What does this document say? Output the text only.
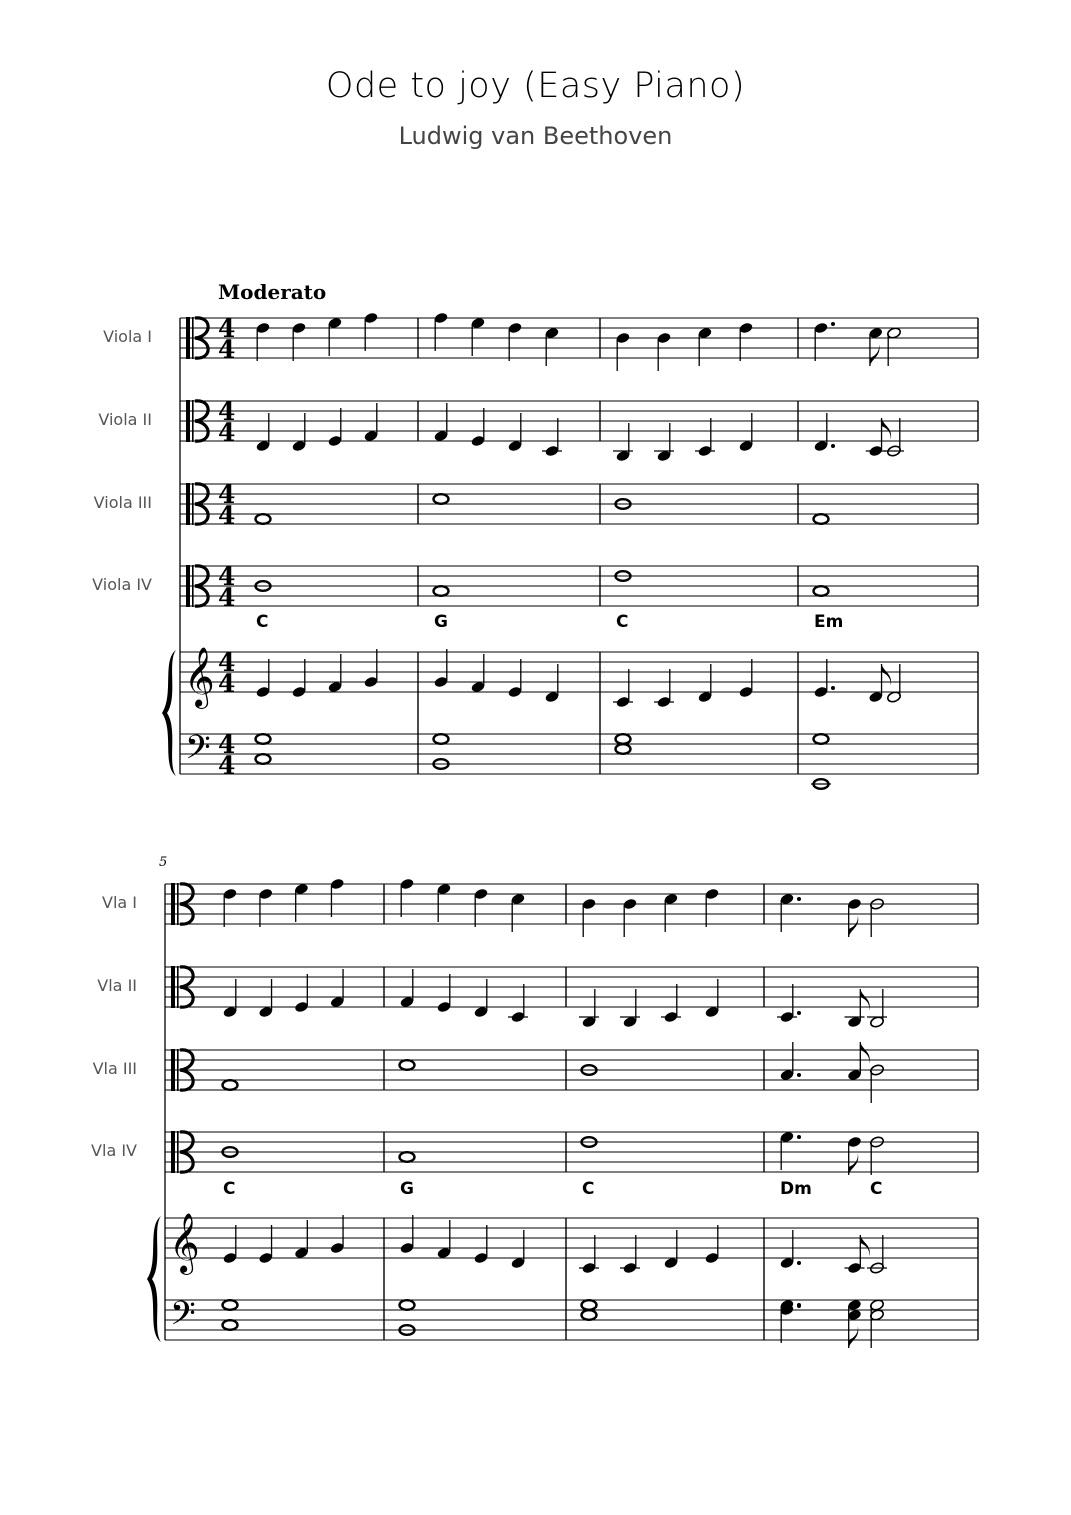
Ode to joy (Easy Piano)
Ludwig van Beethoven
Moderato
4
4
Viola I
4
4
Viola II
4
4
Viola III
4
4
Viola IV
𝄞 4
4
𝄢 4
4
C	G	C	Em
5
Vla I
Vla II
Vla III
Vla IV
𝄞
𝄢
C	G	C	Dm	C
